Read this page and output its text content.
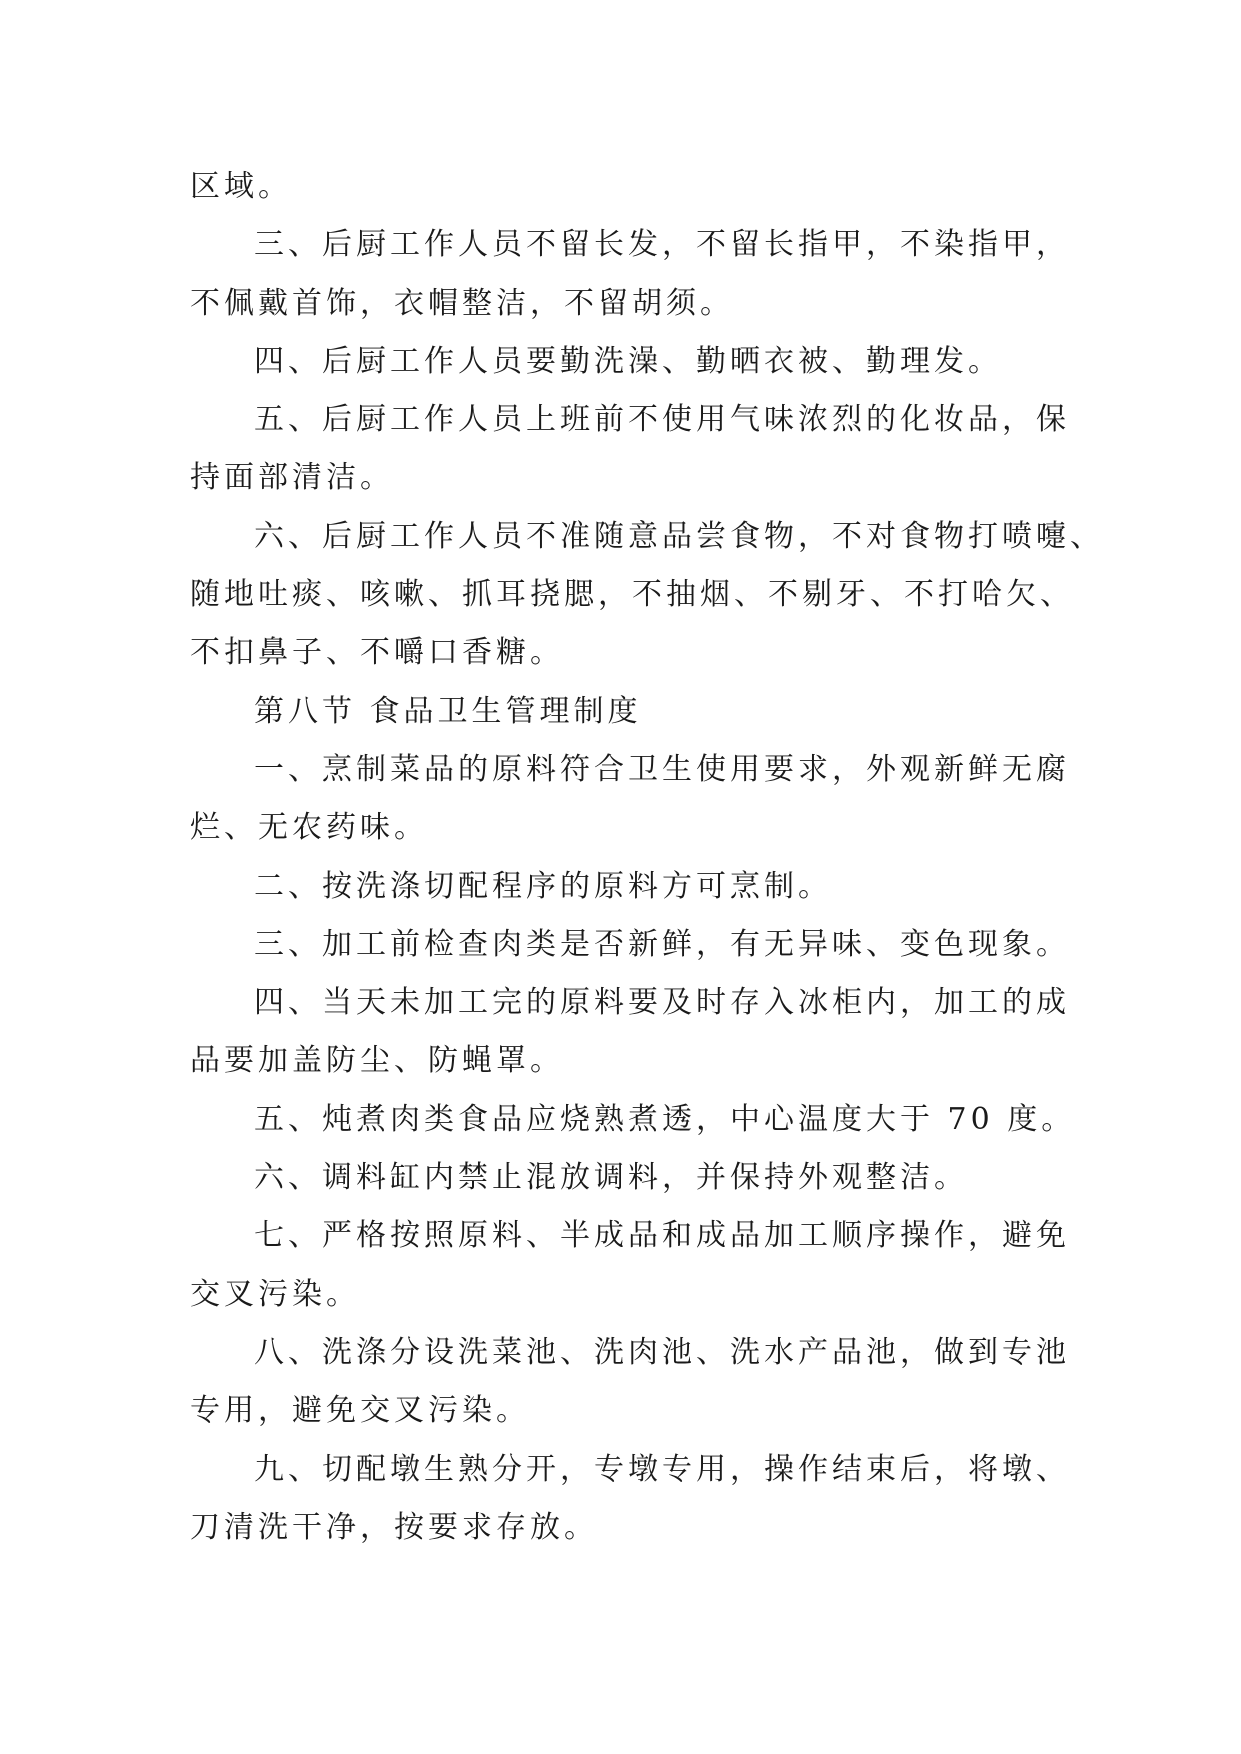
区域。
三、后厨工作人员不留长发，不留长指甲，不染指甲，
不佩戴首饰，衣帽整洁，不留胡须。
四、后厨工作人员要勤洗澡、勤晒衣被、勤理发。
五、后厨工作人员上班前不使用气味浓烈的化妆品，保
持面部清洁。
六、后厨工作人员不准随意品尝食物，不对食物打喷嚏、
随地吐痰、咳嗽、抓耳挠腮，不抽烟、不剔牙、不打哈欠、
不扣鼻子、不嚼口香糖。
第八节 食品卫生管理制度
一、烹制菜品的原料符合卫生使用要求，外观新鲜无腐
烂、无农药味。
二、按洗涤切配程序的原料方可烹制。
三、加工前检查肉类是否新鲜，有无异味、变色现象。
四、当天未加工完的原料要及时存入冰柜内，加工的成
品要加盖防尘、防蝇罩。
五、炖煮肉类食品应烧熟煮透，中心温度大于 70 度。
六、调料缸内禁止混放调料，并保持外观整洁。
七、严格按照原料、半成品和成品加工顺序操作，避免
交叉污染。
八、洗涤分设洗菜池、洗肉池、洗水产品池，做到专池
专用，避免交叉污染。
九、切配墩生熟分开，专墩专用，操作结束后，将墩、
刀清洗干净，按要求存放。
